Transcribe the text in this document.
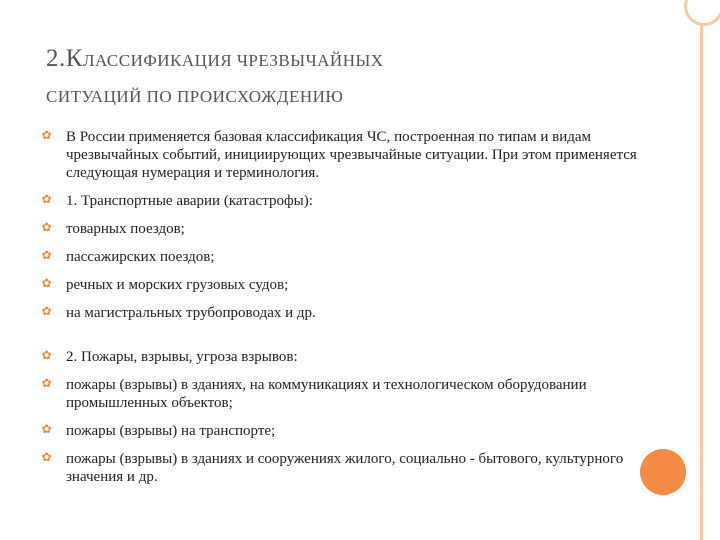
2.КЛАССИФИКАЦИЯ ЧРЕЗВЫЧАЙНЫХ
СИТУАЦИЙ ПО ПРОИСХОЖДЕНИЮ
✿ В России применяется базовая классификация ЧС, построенная по типам и видам чрезвычайных событий, инициирующих чрезвычайные ситуации. При этом применяется следующая нумерация и терминология.
✿ 1. Транспортные аварии (катастрофы):
✿ товарных поездов;
✿ пассажирских поездов;
✿ речных и морских грузовых судов;
✿ на магистральных трубопроводах и др.
✿ 2. Пожары, взрывы, угроза взрывов:
✿ пожары (взрывы) в зданиях, на коммуникациях и технологическом оборудовании промышленных объектов;
✿ пожары (взрывы) на транспорте;
✿ пожары (взрывы) в зданиях и сооружениях жилого, социально - бытового, культурного значения и др.
